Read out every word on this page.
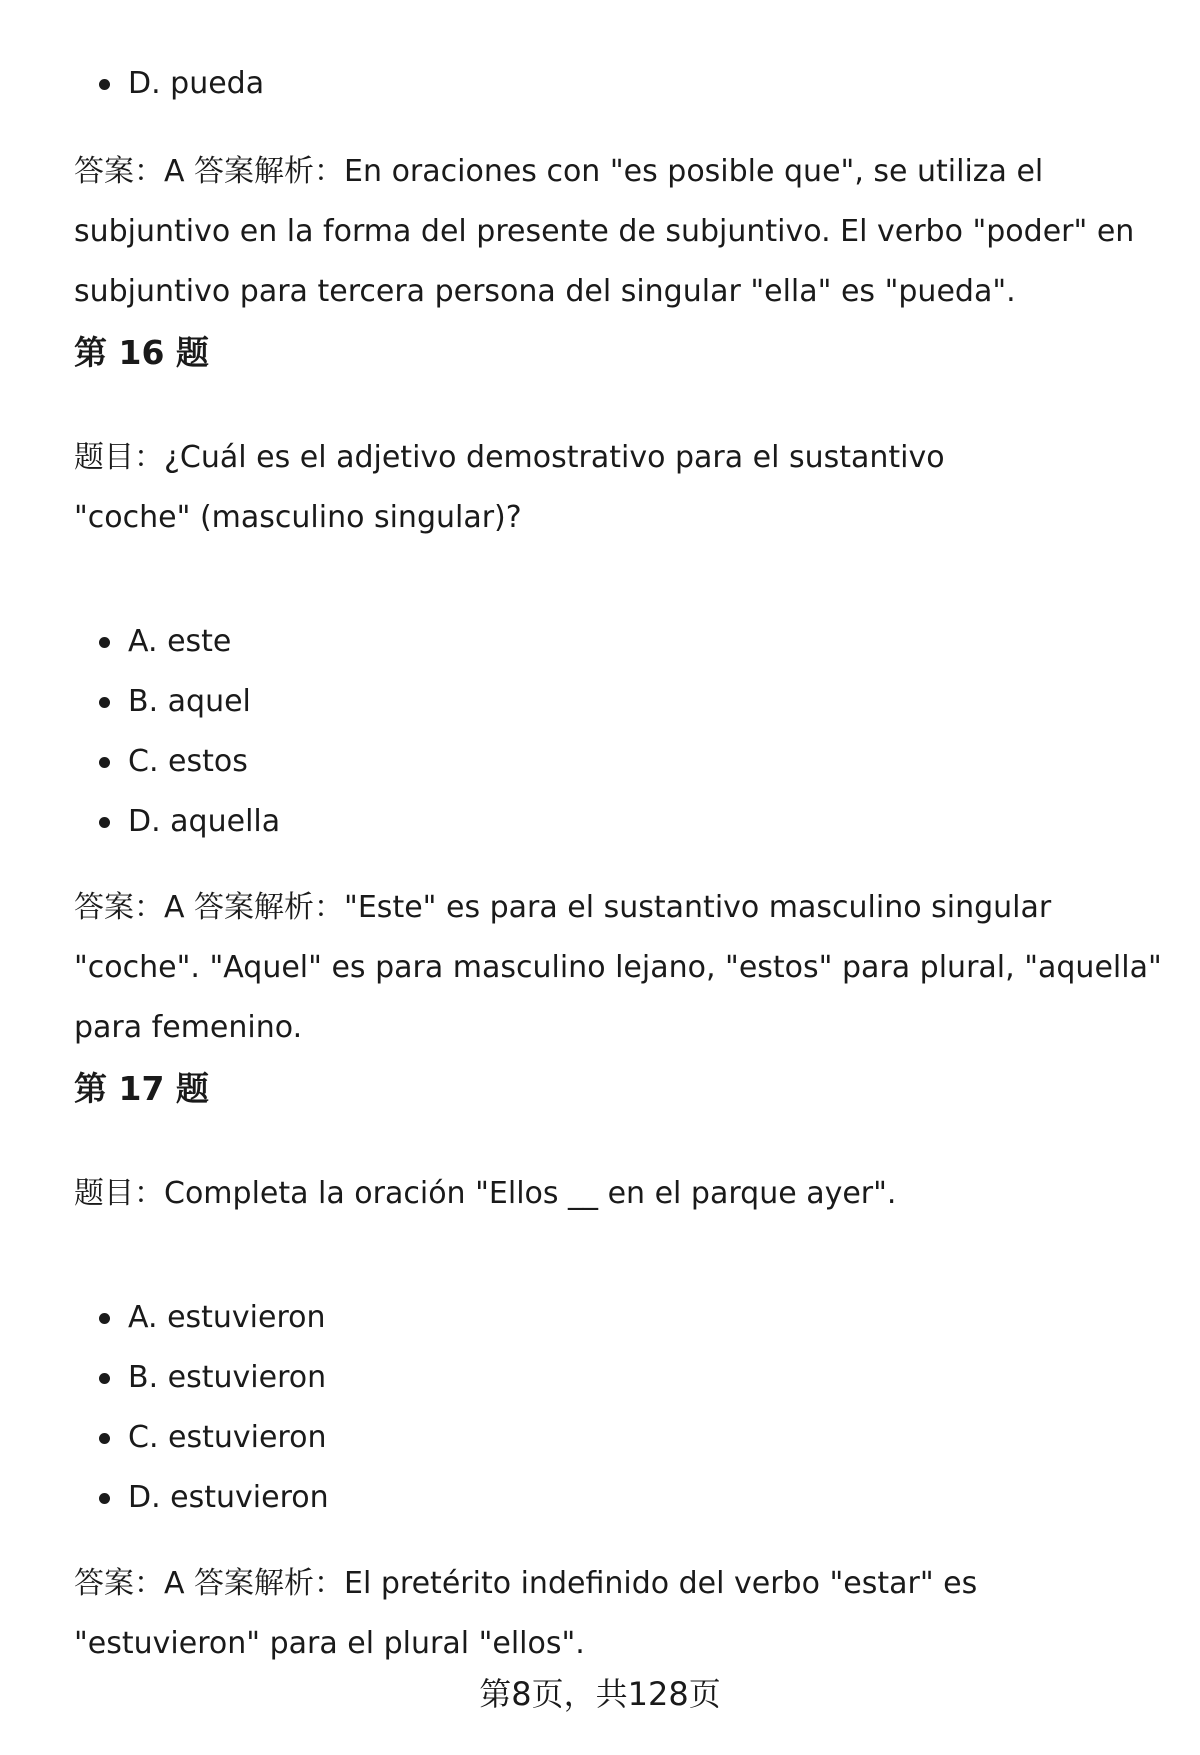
D. pueda

答案：A 答案解析：En oraciones con "es posible que", se utiliza el subjuntivo en la forma del presente de subjuntivo. El verbo "poder" en subjuntivo para tercera persona del singular "ella" es "pueda".

第 16 题

题目：¿Cuál es el adjetivo demostrativo para el sustantivo "coche" (masculino singular)?

A. este
B. aquel
C. estos
D. aquella

答案：A 答案解析："Este" es para el sustantivo masculino singular "coche". "Aquel" es para masculino lejano, "estos" para plural, "aquella" para femenino.

第 17 题

题目：Completa la oración "Ellos __ en el parque ayer".

A. estuvieron
B. estuvieron
C. estuvieron
D. estuvieron

答案：A 答案解析：El pretérito indefinido del verbo "estar" es "estuvieron" para el plural "ellos".

第8页，共128页
